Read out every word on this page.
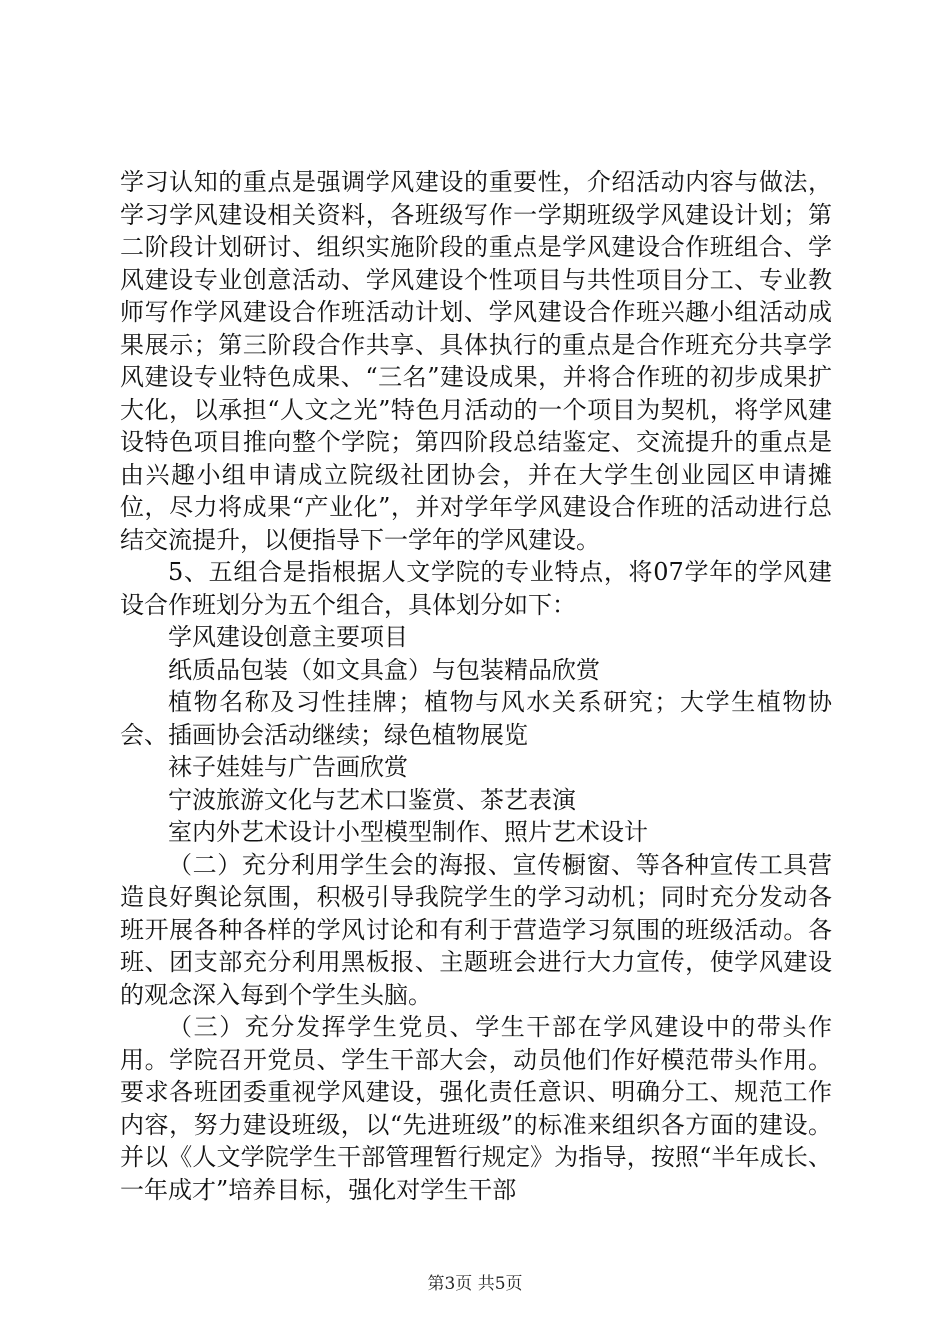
学习认知的重点是强调学风建设的重要性，介绍活动内容与做法，学习学风建设相关资料，各班级写作一学期班级学风建设计划；第二阶段计划研讨、组织实施阶段的重点是学风建设合作班组合、学风建设专业创意活动、学风建设个性项目与共性项目分工、专业教师写作学风建设合作班活动计划、学风建设合作班兴趣小组活动成果展示；第三阶段合作共享、具体执行的重点是合作班充分共享学风建设专业特色成果、“三名”建设成果，并将合作班的初步成果扩大化，以承担“人文之光”特色月活动的一个项目为契机，将学风建设特色项目推向整个学院；第四阶段总结鉴定、交流提升的重点是由兴趣小组申请成立院级社团协会，并在大学生创业园区申请摊位，尽力将成果“产业化”，并对学年学风建设合作班的活动进行总结交流提升，以便指导下一学年的学风建设。

5、五组合是指根据人文学院的专业特点，将07学年的学风建设合作班划分为五个组合，具体划分如下：

学风建设创意主要项目

纸质品包装（如文具盒）与包装精品欣赏

植物名称及习性挂牌；植物与风水关系研究；大学生植物协会、插画协会活动继续；绿色植物展览

袜子娃娃与广告画欣赏

宁波旅游文化与艺术口鉴赏、茶艺表演

室内外艺术设计小型模型制作、照片艺术设计

（二）充分利用学生会的海报、宣传橱窗、等各种宣传工具营造良好舆论氛围，积极引导我院学生的学习动机；同时充分发动各班开展各种各样的学风讨论和有利于营造学习氛围的班级活动。各班、团支部充分利用黑板报、主题班会进行大力宣传，使学风建设的观念深入每到个学生头脑。

（三）充分发挥学生党员、学生干部在学风建设中的带头作用。学院召开党员、学生干部大会，动员他们作好模范带头作用。要求各班团委重视学风建设，强化责任意识、明确分工、规范工作内容，努力建设班级，以“先进班级”的标准来组织各方面的建设。并以《人文学院学生干部管理暂行规定》为指导，按照“半年成长、一年成才”培养目标，强化对学生干部

第3页 共5页
